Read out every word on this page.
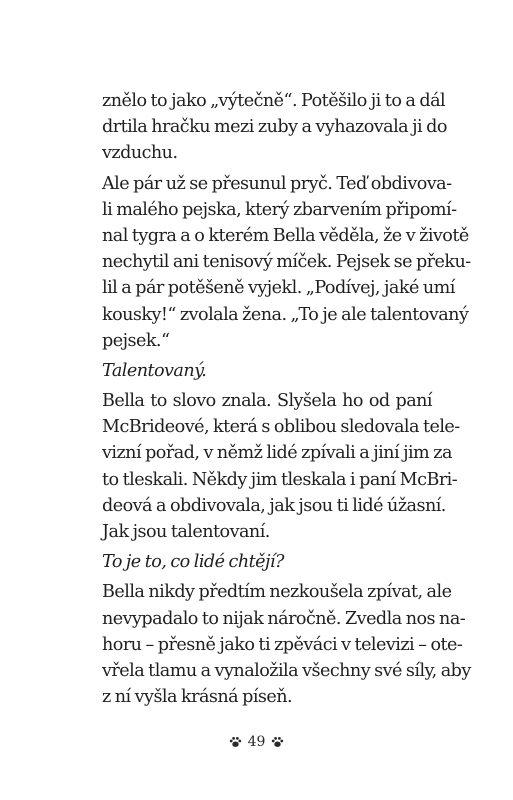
znělo to jako „výtečně“. Potěšilo ji to a dál
drtila hračku mezi zuby a vyhazovala ji do
vzduchu.
Ale pár už se přesunul pryč. Teď obdivova-
li malého pejska, který zbarvením připomí-
nal tygra a o kterém Bella věděla, že v životě
nechytil ani tenisový míček. Pejsek se překu-
lil a pár potěšeně vyjekl. „Podívej, jaké umí
kousky!“ zvolala žena. „To je ale talentovaný
pejsek.“
Talentovaný.
Bella to slovo znala. Slyšela ho od paní
McBrideové, která s oblibou sledovala tele-
vizní pořad, v němž lidé zpívali a jiní jim za
to tleskali. Někdy jim tleskala i paní McBri-
deová a obdivovala, jak jsou ti lidé úžasní.
Jak jsou talentovaní.
To je to, co lidé chtějí?
Bella nikdy předtím nezkoušela zpívat, ale
nevypadalo to nijak náročně. Zvedla nos na-
horu – přesně jako ti zpěváci v televizi – ote-
vřela tlamu a vynaložila všechny své síly, aby
z ní vyšla krásná píseň.
49
